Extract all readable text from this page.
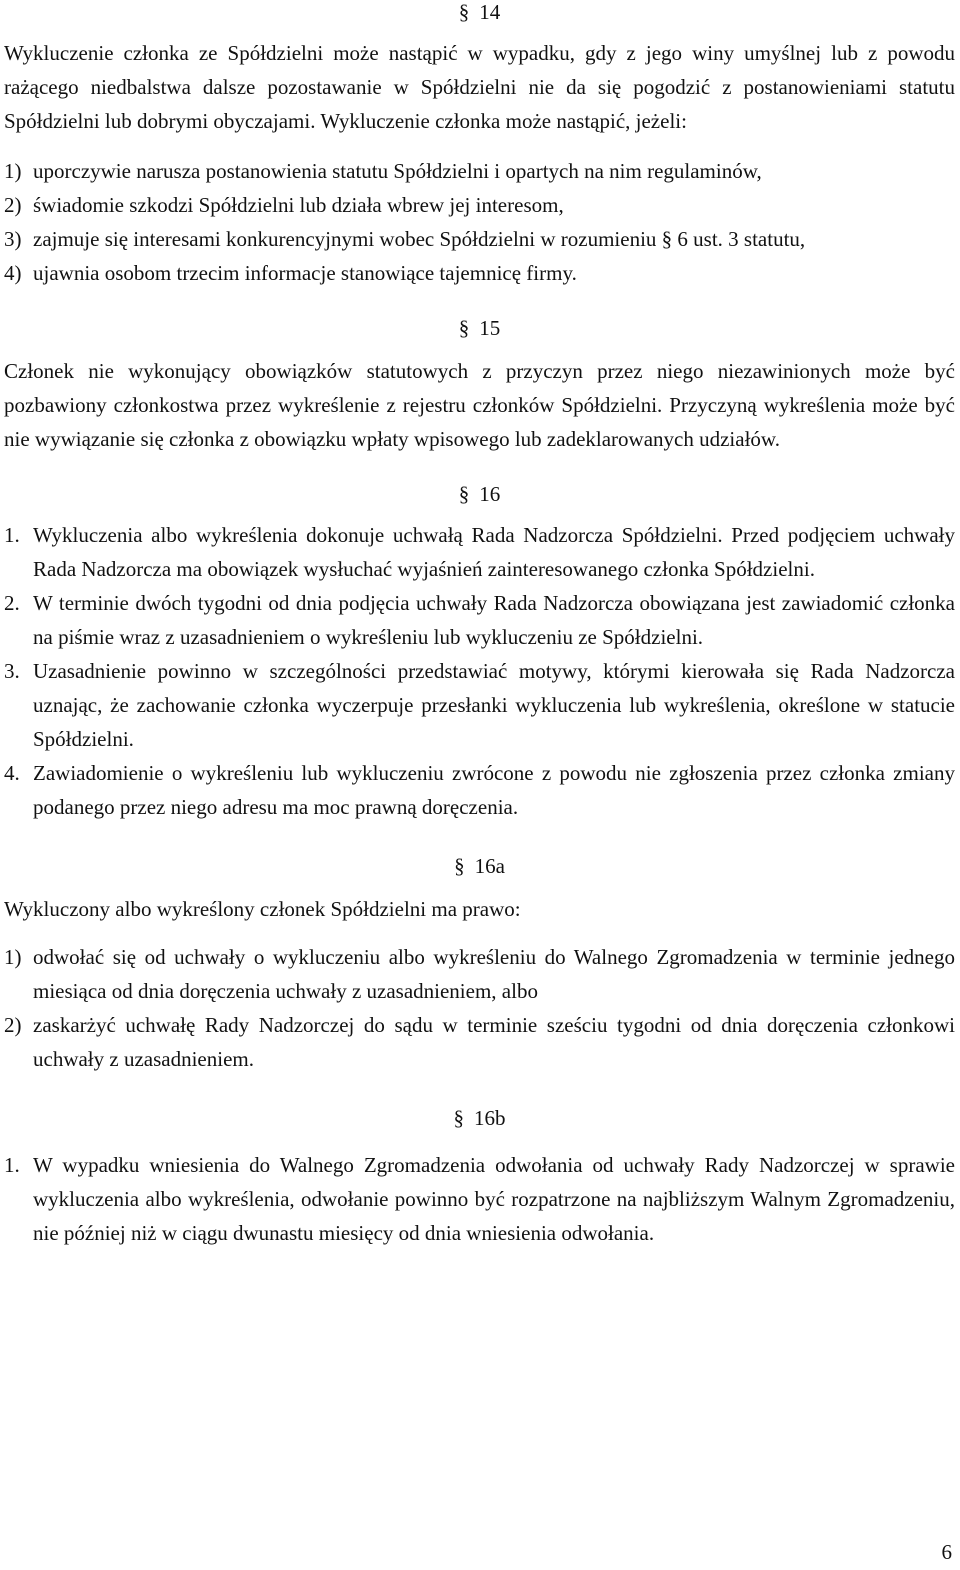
§ 14

Wykluczenie członka ze Spółdzielni może nastąpić w wypadku, gdy z jego winy umyślnej lub z powodu rażącego niedbalstwa dalsze pozostawanie w Spółdzielni nie da się pogodzić z postanowieniami statutu Spółdzielni lub dobrymi obyczajami. Wykluczenie członka może nastąpić, jeżeli:

1) uporczywie narusza postanowienia statutu Spółdzielni i opartych na nim regulaminów,
2) świadomie szkodzi Spółdzielni lub działa wbrew jej interesom,
3) zajmuje się interesami konkurencyjnymi wobec Spółdzielni w rozumieniu § 6 ust. 3 statutu,
4) ujawnia osobom trzecim informacje stanowiące tajemnicę firmy.
§ 15

Członek nie wykonujący obowiązków statutowych z przyczyn przez niego niezawinionych może być pozbawiony członkostwa przez wykreślenie z rejestru członków Spółdzielni. Przyczyną wykreślenia może być nie wywiązanie się członka z obowiązku wpłaty wpisowego lub zadeklarowanych udziałów.

§ 16
1. Wykluczenia albo wykreślenia dokonuje uchwałą Rada Nadzorcza Spółdzielni. Przed podjęciem uchwały Rada Nadzorcza ma obowiązek wysłuchać wyjaśnień zainteresowanego członka Spółdzielni.
2. W terminie dwóch tygodni od dnia podjęcia uchwały Rada Nadzorcza obowiązana jest zawiadomić członka na piśmie wraz z uzasadnieniem o wykreśleniu lub wykluczeniu ze Spółdzielni.
3. Uzasadnienie powinno w szczególności przedstawiać motywy, którymi kierowała się Rada Nadzorcza uznając, że zachowanie członka wyczerpuje przesłanki wykluczenia lub wykreślenia, określone w statucie Spółdzielni.
4. Zawiadomienie o wykreśleniu lub wykluczeniu zwrócone z powodu nie zgłoszenia przez członka zmiany podanego przez niego adresu ma moc prawną doręczenia.
§ 16a

Wykluczony albo wykreślony członek Spółdzielni ma prawo:

1) odwołać się od uchwały o wykluczeniu albo wykreśleniu do Walnego Zgromadzenia w terminie jednego miesiąca od dnia doręczenia uchwały z uzasadnieniem, albo
2) zaskarżyć uchwałę Rady Nadzorczej do sądu w terminie sześciu tygodni od dnia doręczenia członkowi uchwały z uzasadnieniem.
§ 16b
1. W wypadku wniesienia do Walnego Zgromadzenia odwołania od uchwały Rady Nadzorczej w sprawie wykluczenia albo wykreślenia, odwołanie powinno być rozpatrzone na najbliższym Walnym Zgromadzeniu, nie później niż w ciągu dwunastu miesięcy od dnia wniesienia odwołania.
6
